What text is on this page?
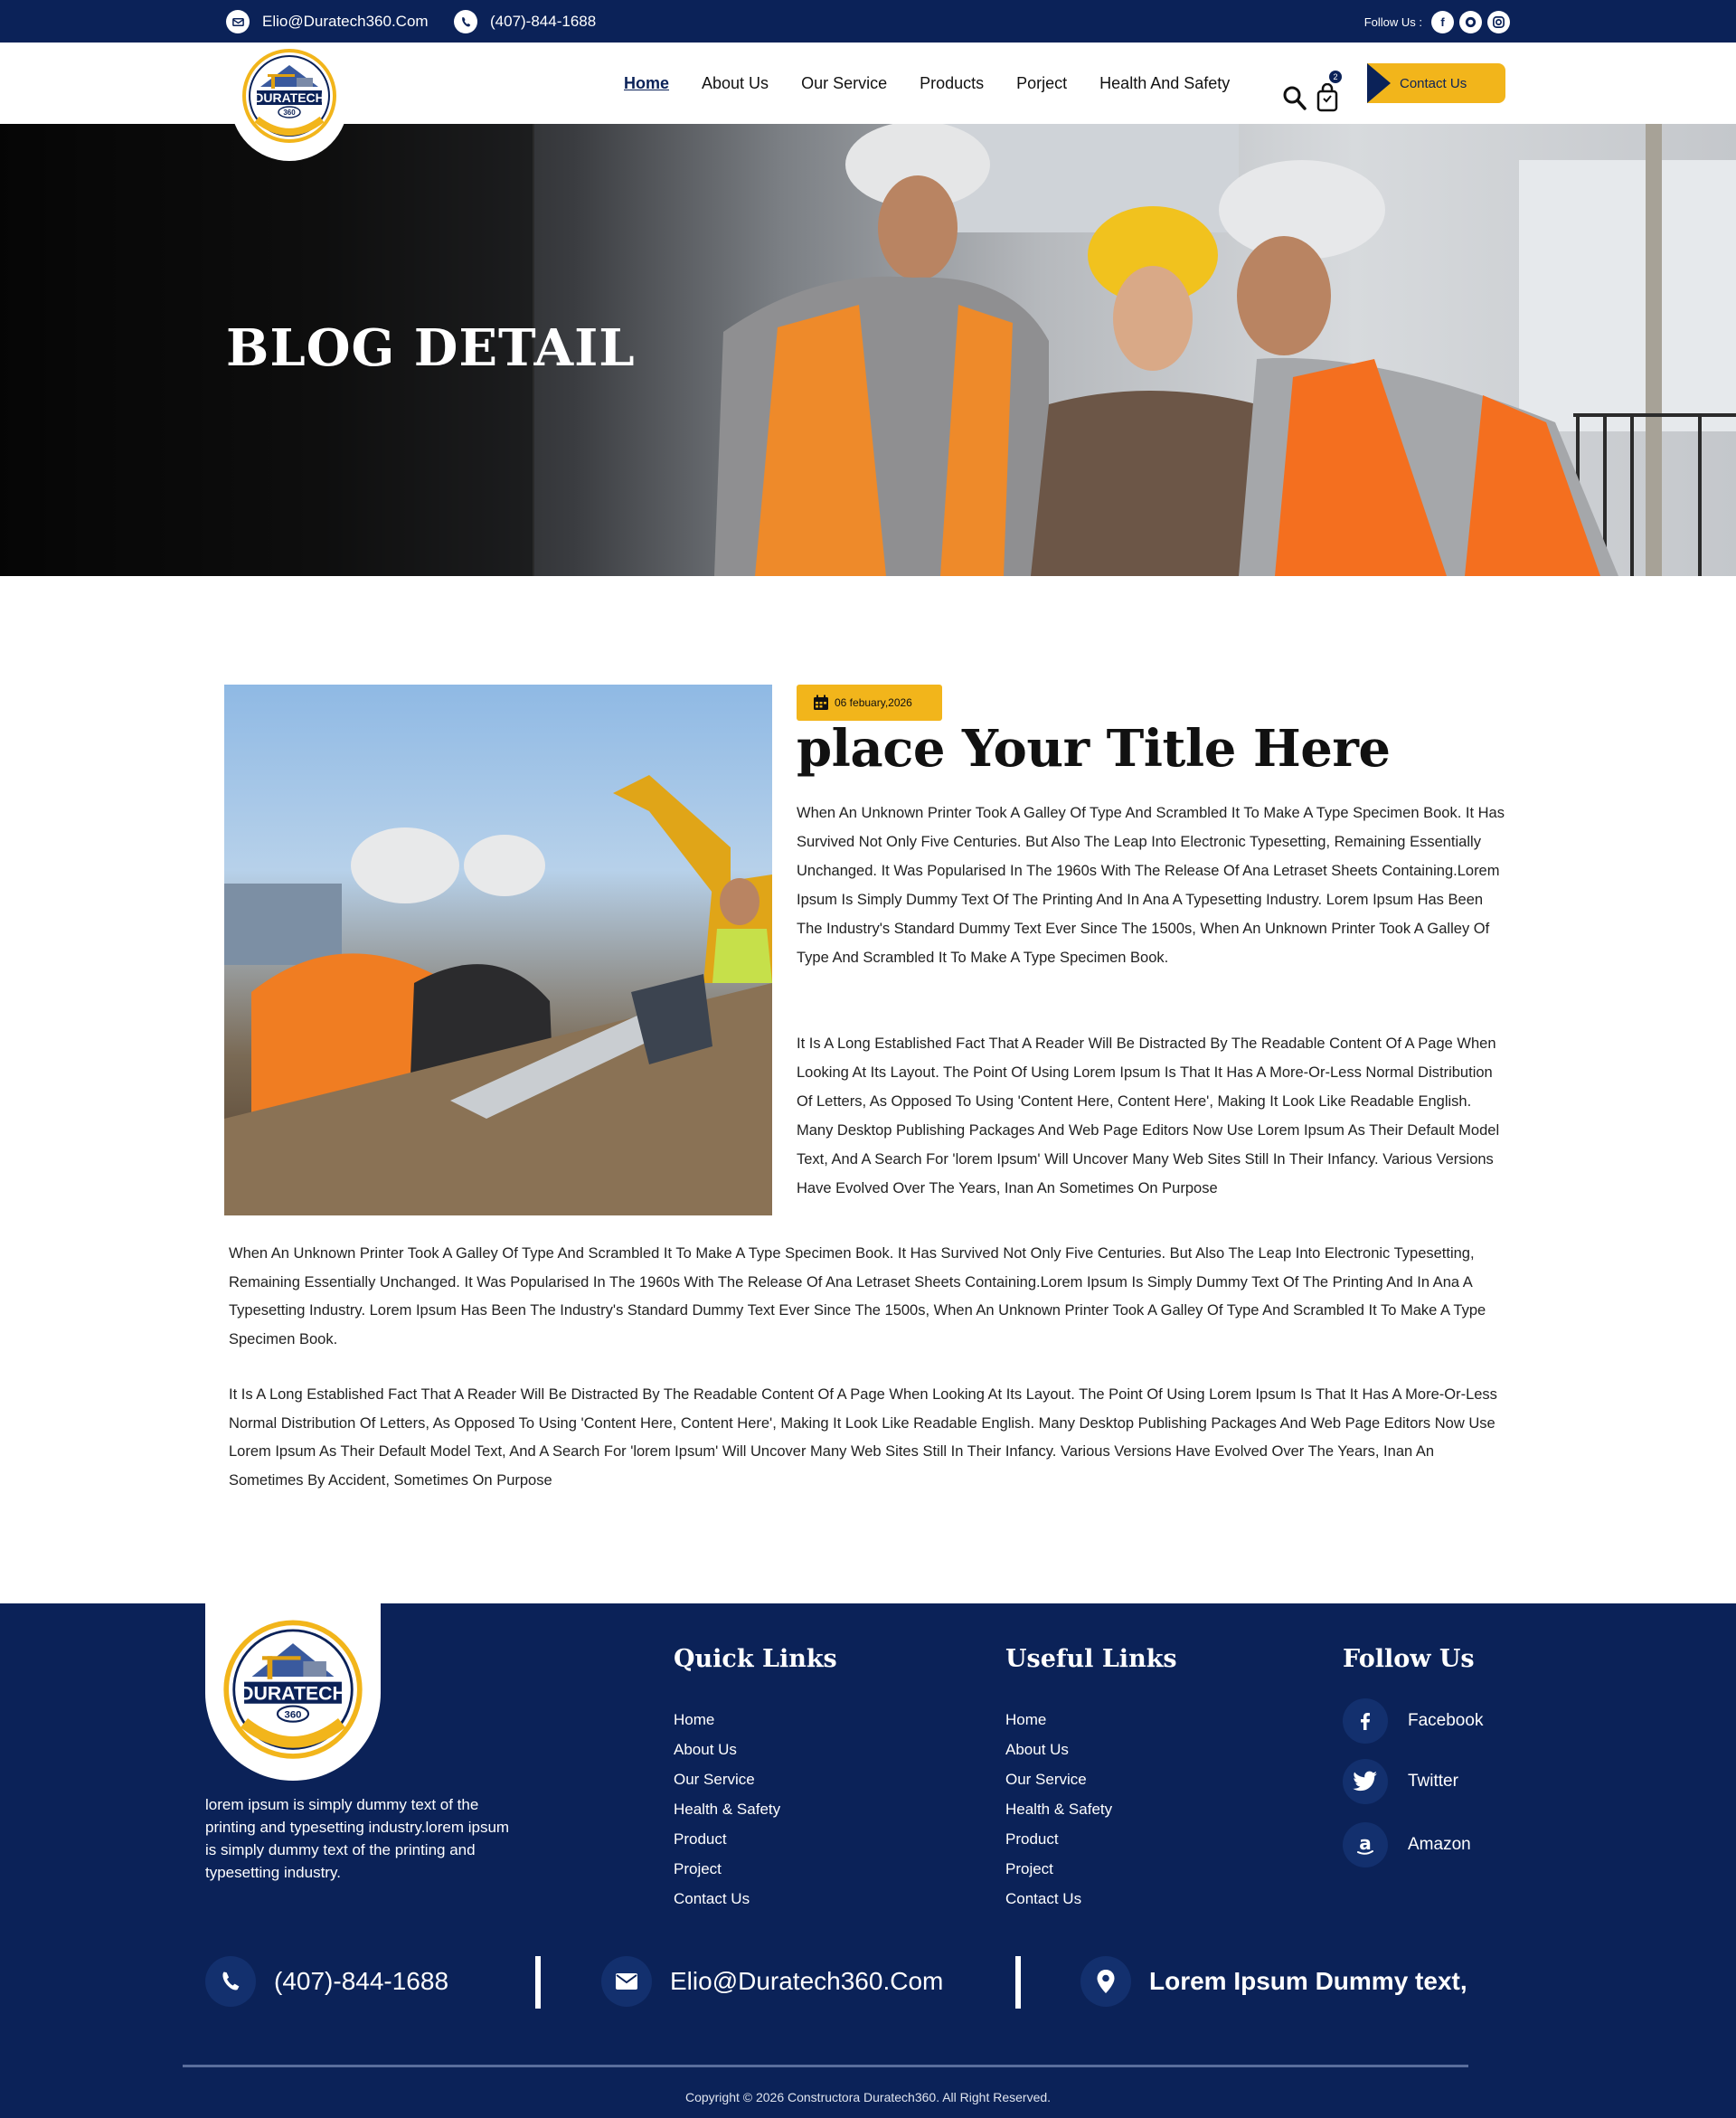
Elio@Duratech360.Com	(407)-844-1688	Follow Us :	f
DURATECH
360
Home About Us Our Service Products Porject Health And Safety	2	Contact Us
BLOG DETAIL
06 febuary,2026
place Your Title Here

When An Unknown Printer Took A Galley Of Type And Scrambled It To Make A Type Specimen Book. It Has Survived Not Only Five Centuries. But Also The Leap Into Electronic Typesetting, Remaining Essentially Unchanged. It Was Popularised In The 1960s With The Release Of Ana Letraset Sheets Containing.Lorem Ipsum Is Simply Dummy Text Of The Printing And In Ana A Typesetting Industry. Lorem Ipsum Has Been The Industry's Standard Dummy Text Ever Since The 1500s, When An Unknown Printer Took A Galley Of Type And Scrambled It To Make A Type Specimen Book.

It Is A Long Established Fact That A Reader Will Be Distracted By The Readable Content Of A Page When Looking At Its Layout. The Point Of Using Lorem Ipsum Is That It Has A More-Or-Less Normal Distribution Of Letters, As Opposed To Using 'Content Here, Content Here', Making It Look Like Readable English. Many Desktop Publishing Packages And Web Page Editors Now Use Lorem Ipsum As Their Default Model Text, And A Search For 'lorem Ipsum' Will Uncover Many Web Sites Still In Their Infancy. Various Versions Have Evolved Over The Years, Inan An Sometimes On Purpose

When An Unknown Printer Took A Galley Of Type And Scrambled It To Make A Type Specimen Book. It Has Survived Not Only Five Centuries. But Also The Leap Into Electronic Typesetting, Remaining Essentially Unchanged. It Was Popularised In The 1960s With The Release Of Ana Letraset Sheets Containing.Lorem Ipsum Is Simply Dummy Text Of The Printing And In Ana A Typesetting Industry. Lorem Ipsum Has Been The Industry's Standard Dummy Text Ever Since The 1500s, When An Unknown Printer Took A Galley Of Type And Scrambled It To Make A Type Specimen Book.

It Is A Long Established Fact That A Reader Will Be Distracted By The Readable Content Of A Page When Looking At Its Layout. The Point Of Using Lorem Ipsum Is That It Has A More-Or-Less Normal Distribution Of Letters, As Opposed To Using 'Content Here, Content Here', Making It Look Like Readable English. Many Desktop Publishing Packages And Web Page Editors Now Use Lorem Ipsum As Their Default Model Text, And A Search For 'lorem Ipsum' Will Uncover Many Web Sites Still In Their Infancy. Various Versions Have Evolved Over The Years, Inan An Sometimes By Accident, Sometimes On Purpose

DURATECH
360

lorem ipsum is simply dummy text of the printing and typesetting industry.lorem ipsum is simply dummy text of the printing and typesetting industry.

Quick Links
Home
About Us
Our Service
Health & Safety
Product
Project
Contact Us
Useful Links
Home
About Us
Our Service
Health & Safety
Product
Project
Contact Us
Follow Us
Facebook
Twitter
a Amazon
(407)-844-1688	Elio@Duratech360.Com	Lorem Ipsum Dummy text,
Copyright © 2026 Constructora Duratech360. All Right Reserved.
